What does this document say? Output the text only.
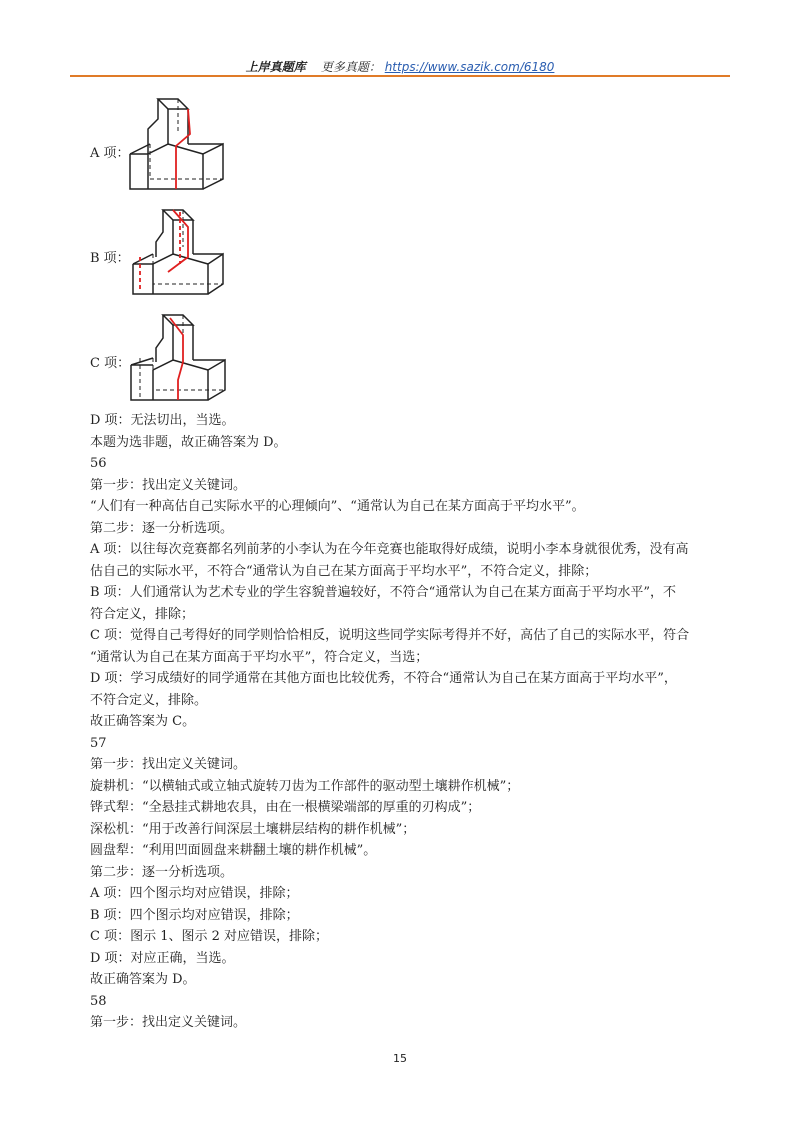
上岸真题库 更多真题： https://www.sazik.com/6180
A 项：
B 项：
C 项：

D 项：无法切出，当选。

本题为选非题，故正确答案为 D。

56

第一步：找出定义关键词。

“人们有一种高估自己实际水平的心理倾向”、“通常认为自己在某方面高于平均水平”。

第二步：逐一分析选项。

A 项：以往每次竞赛都名列前茅的小李认为在今年竞赛也能取得好成绩，说明小李本身就很优秀，没有高

估自己的实际水平，不符合“通常认为自己在某方面高于平均水平”，不符合定义，排除；

B 项：人们通常认为艺术专业的学生容貌普遍较好，不符合“通常认为自己在某方面高于平均水平”，不

符合定义，排除；

C 项：觉得自己考得好的同学则恰恰相反，说明这些同学实际考得并不好，高估了自己的实际水平，符合

“通常认为自己在某方面高于平均水平”，符合定义，当选；

D 项：学习成绩好的同学通常在其他方面也比较优秀，不符合“通常认为自己在某方面高于平均水平”，

不符合定义，排除。

故正确答案为 C。

57

第一步：找出定义关键词。

旋耕机：“以横轴式或立轴式旋转刀齿为工作部件的驱动型土壤耕作机械”；

铧式犁：“全悬挂式耕地农具，由在一根横梁端部的厚重的刃构成”；

深松机：“用于改善行间深层土壤耕层结构的耕作机械”；

圆盘犁：“利用凹面圆盘来耕翻土壤的耕作机械”。

第二步：逐一分析选项。

A 项：四个图示均对应错误，排除；

B 项：四个图示均对应错误，排除；

C 项：图示 1、图示 2 对应错误，排除；

D 项：对应正确，当选。

故正确答案为 D。

58

第一步：找出定义关键词。

15
